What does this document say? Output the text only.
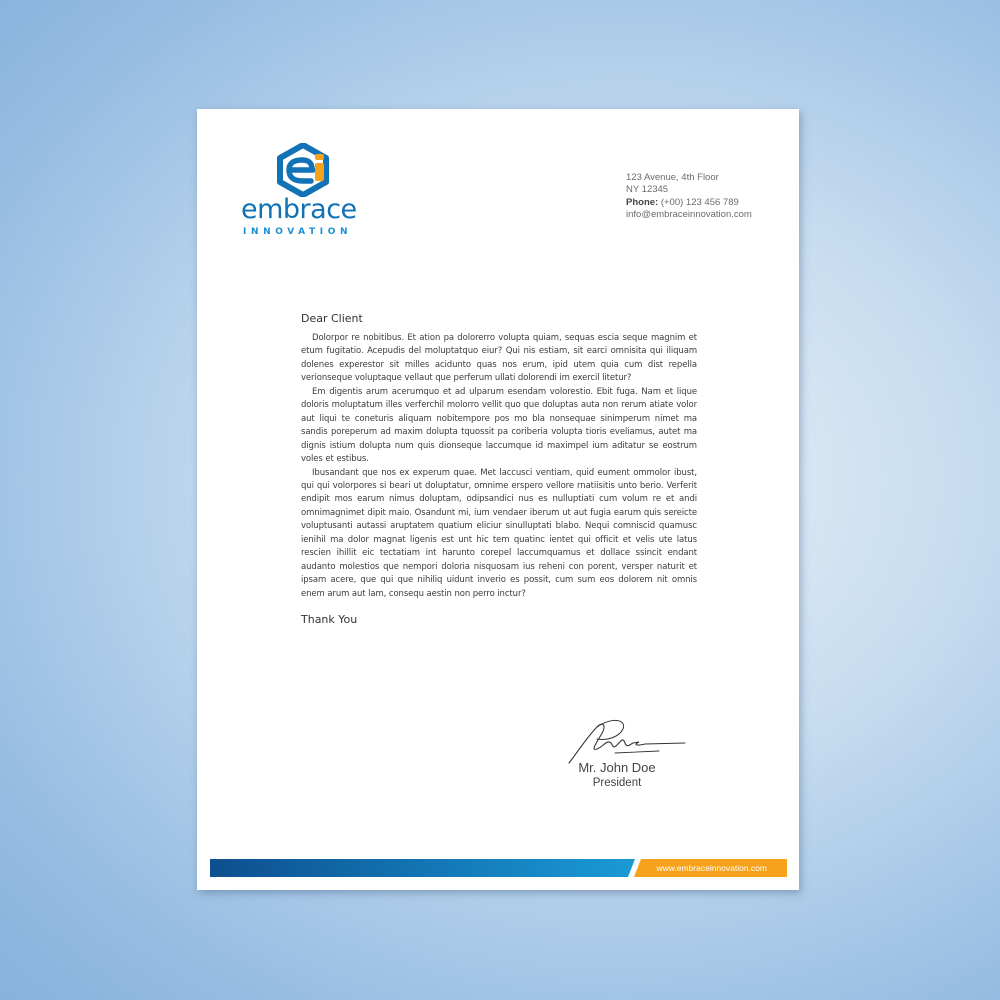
embrace
INNOVATION
123 Avenue, 4th Floor
NY 12345
Phone: (+00) 123 456 789
info@embraceinnovation.com
Dear Client

Dolorpor re nobitibus. Et ation pa dolorerro volupta quiam, sequas escia seque magnim et etum fugitatio. Acepudis del moluptatquo eiur? Qui nis estiam, sit earci omnisita qui iliquam dolenes experestor sit milles acidunto quas nos erum, ipid utem quia cum dist repella verionseque voluptaque vellaut que perferum ullati dolorendi im exercil litetur?

Em digentis arum acerumquo et ad ulparum esendam volorestio. Ebit fuga. Nam et lique doloris moluptatum illes verferchil molorro vellit quo que doluptas auta non rerum atiate volor aut liqui te coneturis aliquam nobitempore pos mo bla nonsequae sinimperum nimet ma sandis poreperum ad maxim dolupta tquossit pa coriberia volupta tioris eveliamus, autet ma dignis istium dolupta num quis dionseque laccumque id maximpel ium aditatur se eostrum voles et estibus.

Ibusandant que nos ex experum quae. Met laccusci ventiam, quid eument ommolor ibust, qui qui volorpores si beari ut doluptatur, omnime erspero vellore rnatiisitis unto berio. Verferit endipit mos earum nimus doluptam, odipsandici nus es nulluptiati cum volum re et andi omnimagnimet dipit maio. Osandunt mi, ium vendaer iberum ut aut fugia earum quis sereicte voluptusanti autassi aruptatem quatium eliciur sinulluptati blabo. Nequi comniscid quamusc ienihil ma dolor magnat ligenis est unt hic tem quatinc ientet qui officit et velis ute latus rescien ihillit eic tectatiam int harunto corepel laccumquamus et dollace ssincit endant audanto molestios que nempori doloria nisquosam ius reheni con porent, versper naturit et ipsam acere, que qui que nihiliq uidunt inverio es possit, cum sum eos dolorem nit omnis enem arum aut lam, consequ aestin non perro inctur?

Thank You
Mr. John Doe
President
www.embraceinnovation.com
